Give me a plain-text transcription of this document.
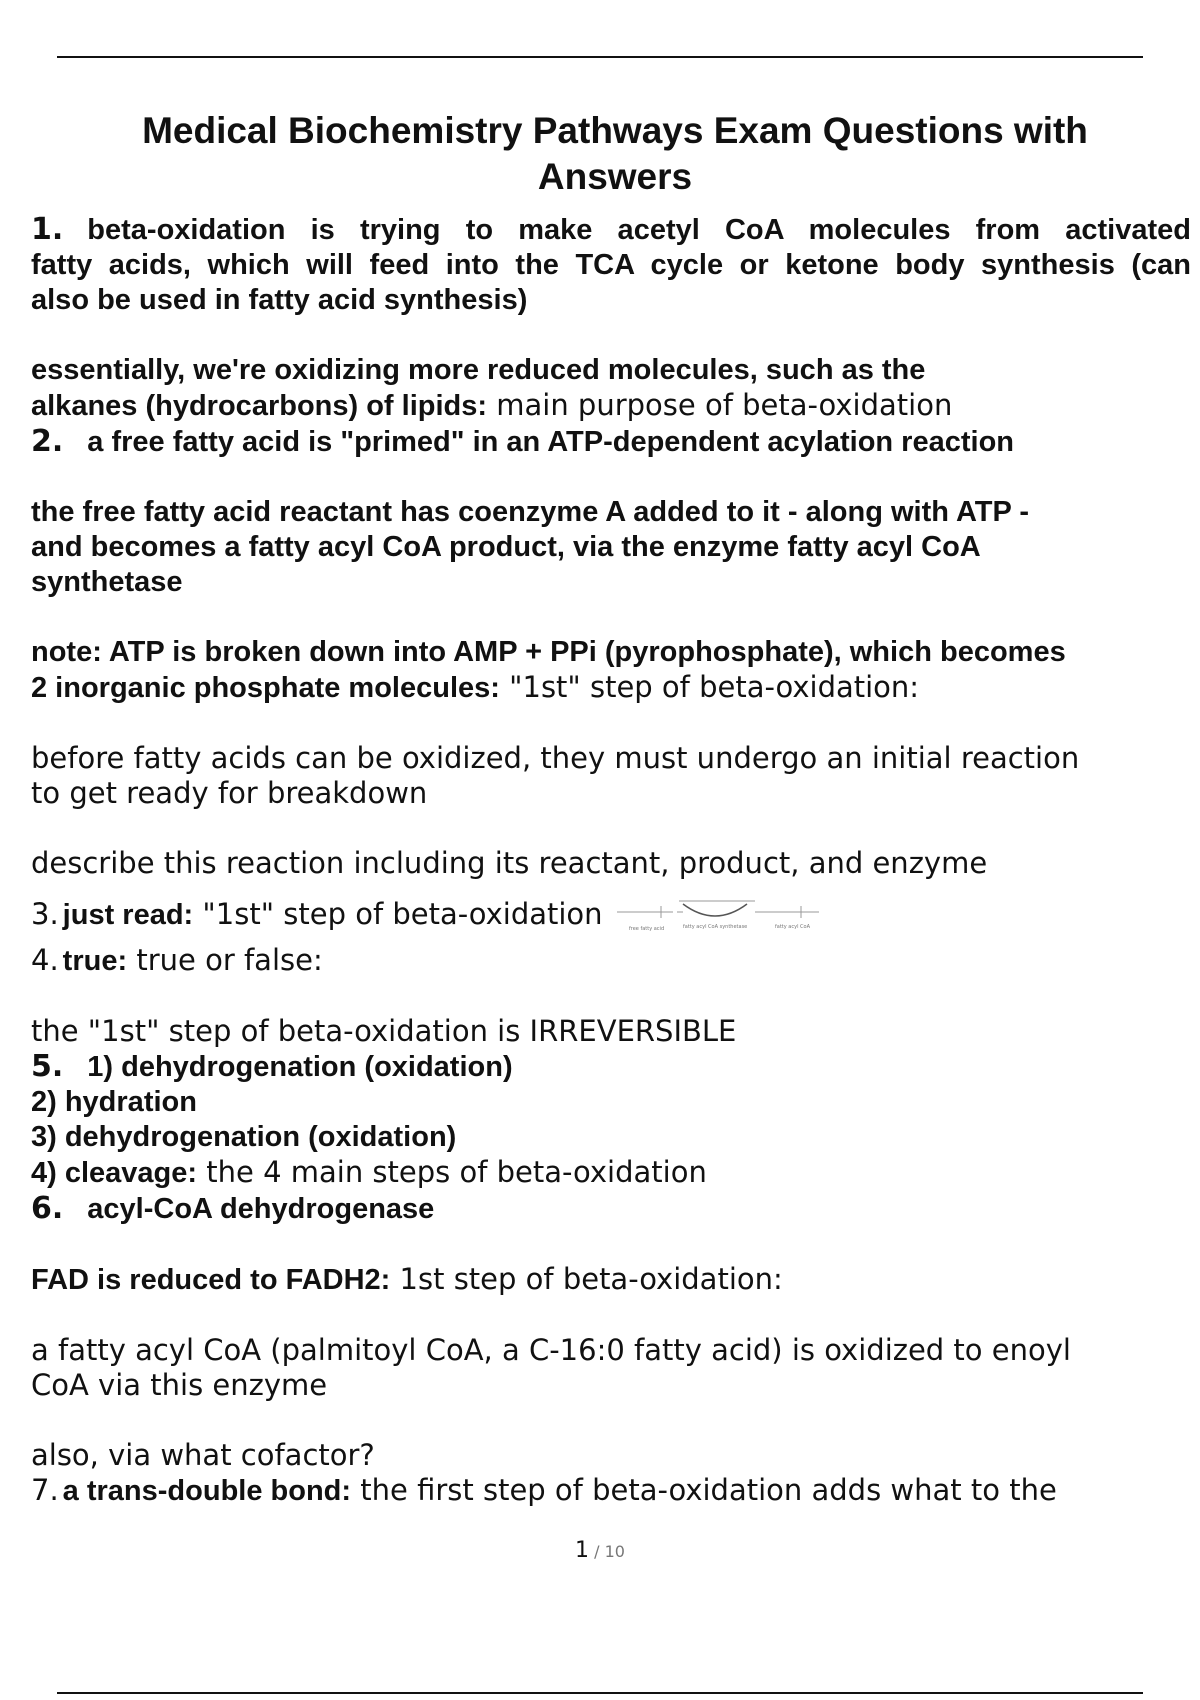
Medical Biochemistry Pathways Exam Questions with
Answers
1. beta-oxidation is trying to make acetyl CoA molecules from activated
fatty acids, which will feed into the TCA cycle or ketone body synthesis (can
also be used in fatty acid synthesis)
essentially, we're oxidizing more reduced molecules, such as the
alkanes (hydrocarbons) of lipids: main purpose of beta-oxidation
2. a free fatty acid is "primed" in an ATP-dependent acylation reaction
the free fatty acid reactant has coenzyme A added to it - along with ATP -
and becomes a fatty acyl CoA product, via the enzyme fatty acyl CoA
synthetase
note: ATP is broken down into AMP + PPi (pyrophosphate), which becomes
2 inorganic phosphate molecules: "1st" step of beta-oxidation:
before fatty acids can be oxidized, they must undergo an initial reaction
to get ready for breakdown
describe this reaction including its reactant, product, and enzyme
3. just read: "1st" step of beta-oxidation	free fatty acid	fatty acyl CoA synthetase	fatty acyl CoA
4. true: true or false:
the "1st" step of beta-oxidation is IRREVERSIBLE
5. 1) dehydrogenation (oxidation)
2) hydration
3) dehydrogenation (oxidation)
4) cleavage: the 4 main steps of beta-oxidation
6. acyl-CoA dehydrogenase
FAD is reduced to FADH2: 1st step of beta-oxidation:
a fatty acyl CoA (palmitoyl CoA, a C-16:0 fatty acid) is oxidized to enoyl
CoA via this enzyme
also, via what cofactor?
7. a trans-double bond: the first step of beta-oxidation adds what to the
1 / 10
